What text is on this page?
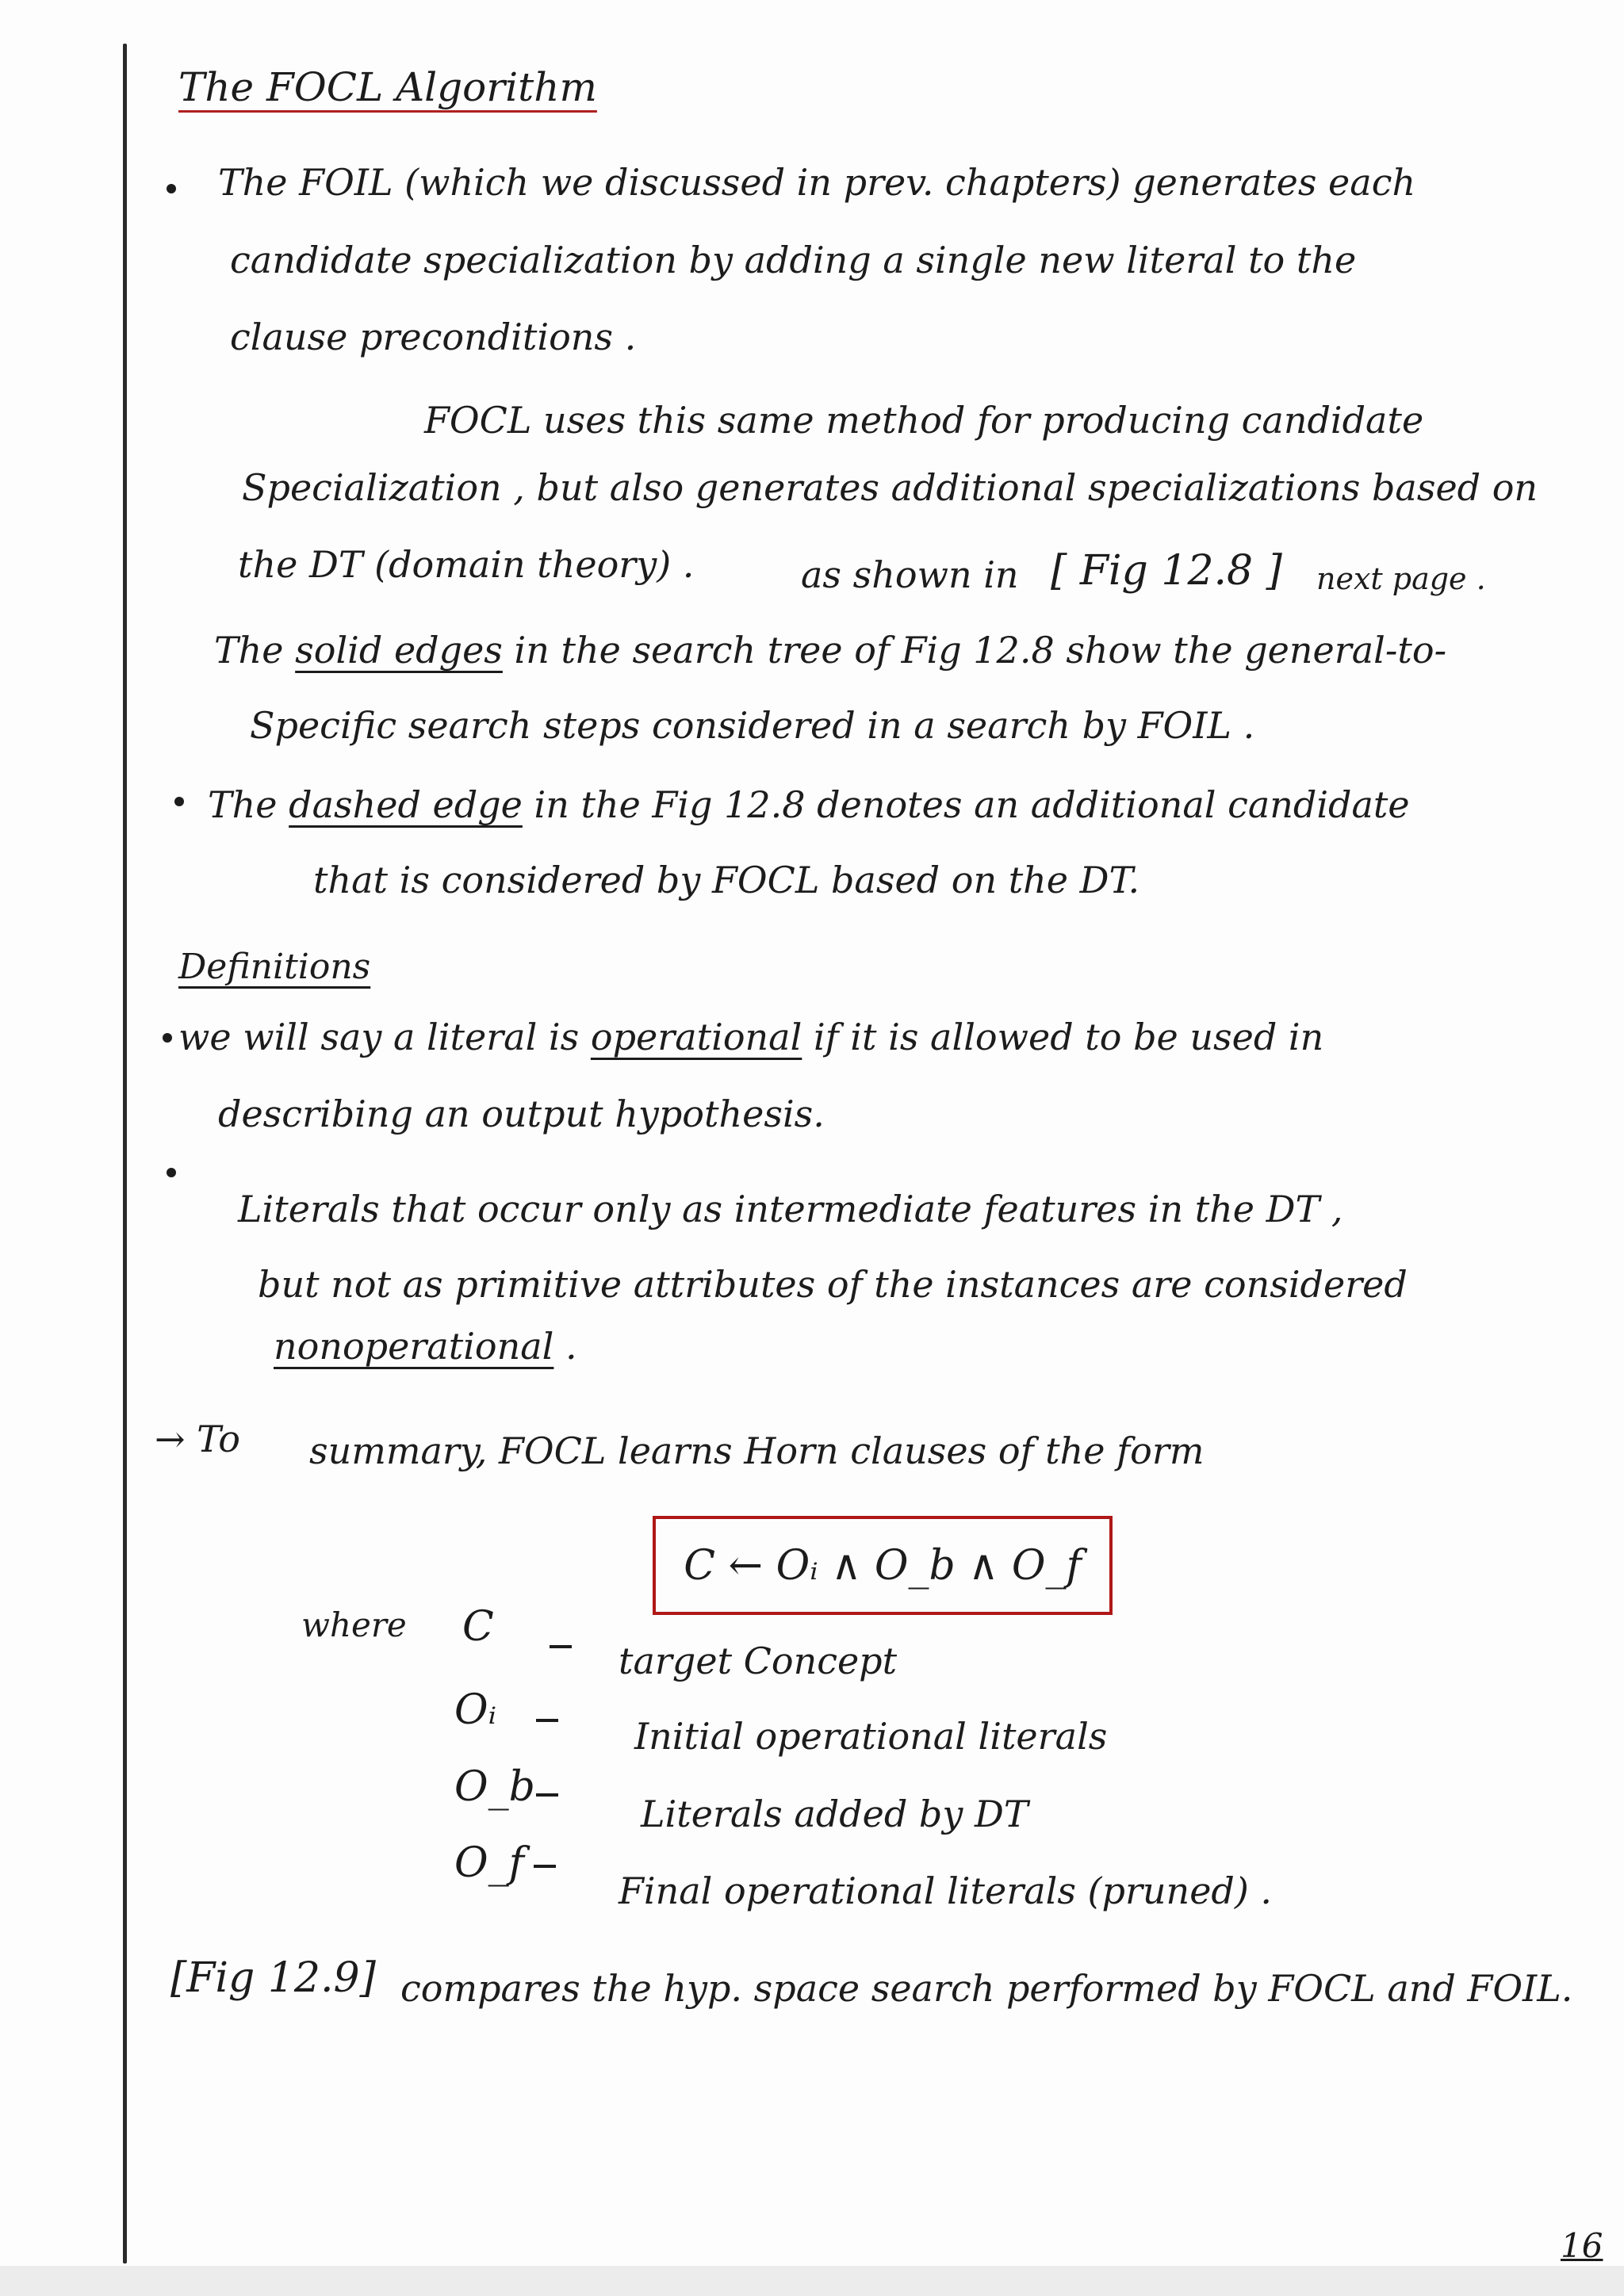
The FOCL Algorithm
The FOIL (which we discussed in prev. chapters) generates each
candidate specialization by adding a single new literal to the
clause preconditions .
FOCL uses this same method for producing candidate
Specialization , but also generates additional specializations based on
the DT (domain theory) .	as shown in [ Fig 12.8 ] next page .
The solid edges in the search tree of Fig 12.8 show the general-to-
Specific search steps considered in a search by FOIL .
The dashed edge in the Fig 12.8 denotes an additional candidate
that is considered by FOCL based on the DT.
Definitions
we will say a literal is operational if it is allowed to be used in
describing an output hypothesis.
Literals that occur only as intermediate features in the DT ,
but not as primitive attributes of the instances are considered
nonoperational .
→ To summary, FOCL learns Horn clauses of the form
C ← Oᵢ ∧ O_b ∧ O_f
where C
target Concept
Oᵢ
Initial operational literals
O_b
Literals added by DT
O_f
Final operational literals (pruned) .
[Fig 12.9] compares the hyp. space search performed by FOCL and FOIL.
16
